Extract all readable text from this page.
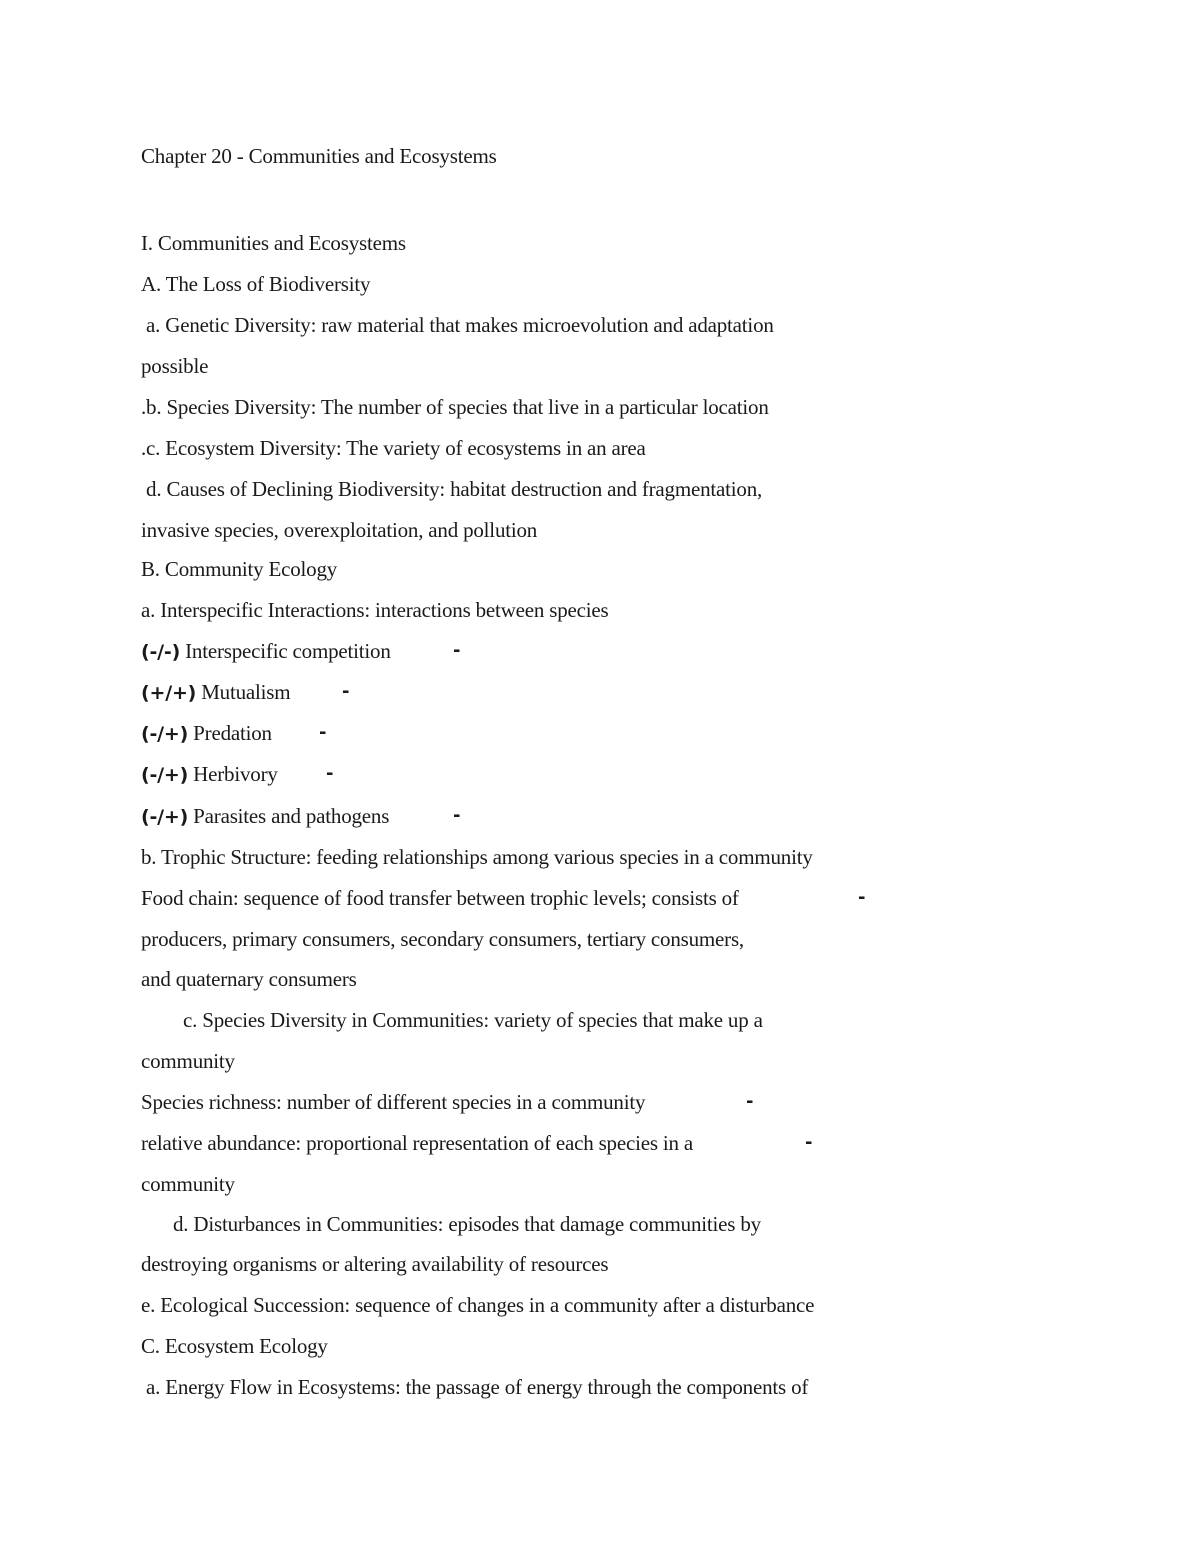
Chapter 20 - Communities and Ecosystems
I. Communities and Ecosystems
A. The Loss of Biodiversity
a. Genetic Diversity: raw material that makes microevolution and adaptation
possible
.b. Species Diversity: The number of species that live in a particular location
.c. Ecosystem Diversity: The variety of ecosystems in an area
d. Causes of Declining Biodiversity: habitat destruction and fragmentation,
invasive species, overexploitation, and pollution
B. Community Ecology
a. Interspecific Interactions: interactions between species
(-/-) Interspecific competition	-
(+/+) Mutualism	-
(-/+) Predation	-
(-/+) Herbivory	-
(-/+) Parasites and pathogens	-
b. Trophic Structure: feeding relationships among various species in a community
Food chain: sequence of food transfer between trophic levels; consists of	-
producers, primary consumers, secondary consumers, tertiary consumers,
and quaternary consumers
c. Species Diversity in Communities: variety of species that make up a
community
Species richness: number of different species in a community	-
relative abundance: proportional representation of each species in a	-
community
d. Disturbances in Communities: episodes that damage communities by
destroying organisms or altering availability of resources
e. Ecological Succession: sequence of changes in a community after a disturbance
C. Ecosystem Ecology
a. Energy Flow in Ecosystems: the passage of energy through the components of
